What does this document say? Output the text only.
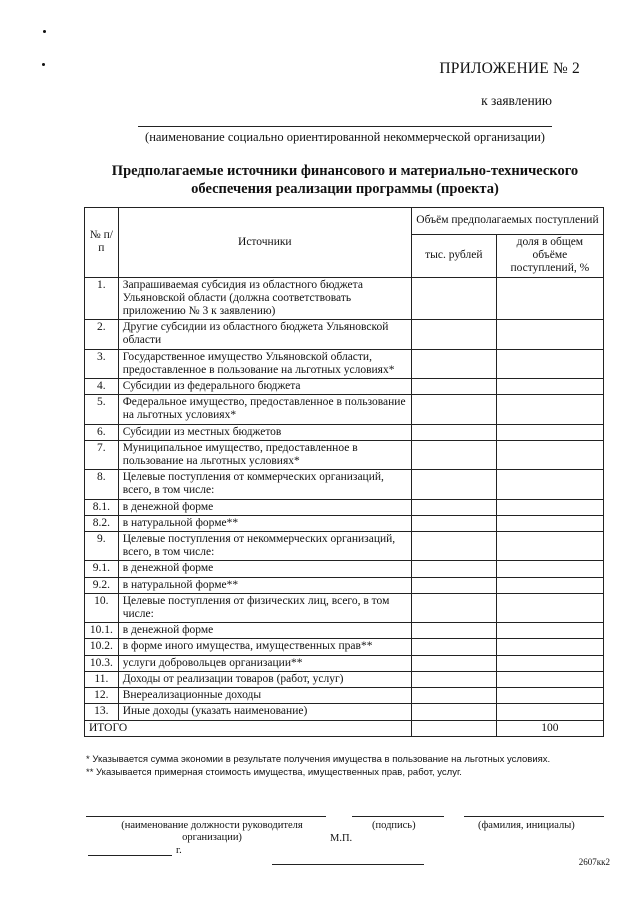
ПРИЛОЖЕНИЕ № 2
к заявлению
(наименование социально ориентированной некоммерческой организации)
Предполагаемые источники финансового и материально-технического
обеспечения реализации программы (проекта)
№ п/п	Источники	Объём предполагаемых поступлений	
		тыс. рублей	доля в общем объёме поступлений, %
1.	Запрашиваемая субсидия из областного бюджета Ульяновской области (должна соответствовать приложению № 3 к заявлению)		
2.	Другие субсидии из областного бюджета Ульяновской области		
3.	Государственное имущество Ульяновской области, предоставленное в пользование на льготных условиях*		
4.	Субсидии из федерального бюджета		
5.	Федеральное имущество, предоставленное в пользование на льготных условиях*		
6.	Субсидии из местных бюджетов		
7.	Муниципальное имущество, предоставленное в пользование на льготных условиях*		
8.	Целевые поступления от коммерческих организаций, всего, в том числе:		
8.1.	в денежной форме		
8.2.	в натуральной форме**		
9.	Целевые поступления от некоммерческих организаций, всего, в том числе:		
9.1.	в денежной форме		
9.2.	в натуральной форме**		
10.	Целевые поступления от физических лиц, всего, в том числе:		
10.1.	в денежной форме		
10.2.	в форме иного имущества, имущественных прав**		
10.3.	услуги добровольцев организации**		
11.	Доходы от реализации товаров (работ, услуг)		
12.	Внереализационные доходы		
13.	Иные доходы (указать наименование)		
ИТОГО			100
* Указывается сумма экономии в результате получения имущества в пользование на льготных условиях.
** Указывается примерная стоимость имущества, имущественных прав, работ, услуг.
(наименование должности руководителя
организации)
(подпись)	(фамилия, инициалы)
М.П.
г.
2607кк2
